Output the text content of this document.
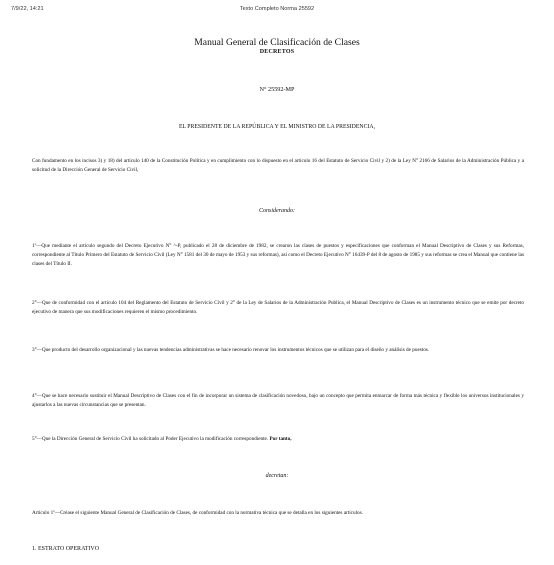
7/9/22, 14:21	Texto Completo Norma 25592
Manual General de Clasificación de Clases
DECRETOS
N° 25592-MP
EL PRESIDENTE DE LA REPÚBLICA Y EL MINISTRO DE LA PRESIDENCIA,
Con fundamento en los incisos 3) y 18) del artículo 140 de la Constitución Política y en cumplimiento con lo dispuesto en el artículo 16 del Estatuto de Servicio Civil y 2) de la Ley N° 2166 de Salarios de la Administración Pública y a solicitud de la Dirección General de Servicio Civil,
Considerando:
1º—Que mediante el artículo segundo del Decreto Ejecutivo N° ^-P, publicado el 28 de diciembre de 1982, se crearon las clases de puestos y especificaciones que conforman el Manual Descriptivo de Clases y sus Reformas, correspondiente al Título Primero del Estatuto de Servicio Civil (Ley N° 1581 del 30 de mayo de 1953 y sus reformas), así como el Decreto Ejecutivo N° 16439-P del 8 de agosto de 1985 y sus reformas se crea el Manual que contiene las clases del Título II.
2°—Que de conformidad con el artículo 104 del Reglamento del Estatuto de Servicio Civil y 2° de la Ley de Salarios de la Administración Publica, el Manual Descriptivo de Clases es un instrumento técnico que se emite por decreto ejecutivo de manera que sus modificaciones requieren el mismo procedimiento.
3°—Que producto del desarrollo organizacional y las nuevas tendencias administrativas se hace necesario renovar los instrumentos técnicos que se utilizan para el diseño y análisis de puestos.
4°—Que se hace necesario sustituir el Manual Descriptivo de Clases con el fin de incorporar un sistema de clasificación novedoso, bajo un concepto que permita enmarcar de forma más técnica y flexible los universos institucionales y ajustarlos a las nuevas circunstancias que se presentan.
5°—Que la Dirección General de Servicio Civil ha solicitado al Poder Ejecutivo la modificación correspondiente. Por tanto,
decretan:
Artículo 1º—Créase el siguiente Manual General de Clasificación de Clases, de conformidad con la normativa técnica que se detalla en los siguientes artículos.
1. ESTRATO OPERATIVO
